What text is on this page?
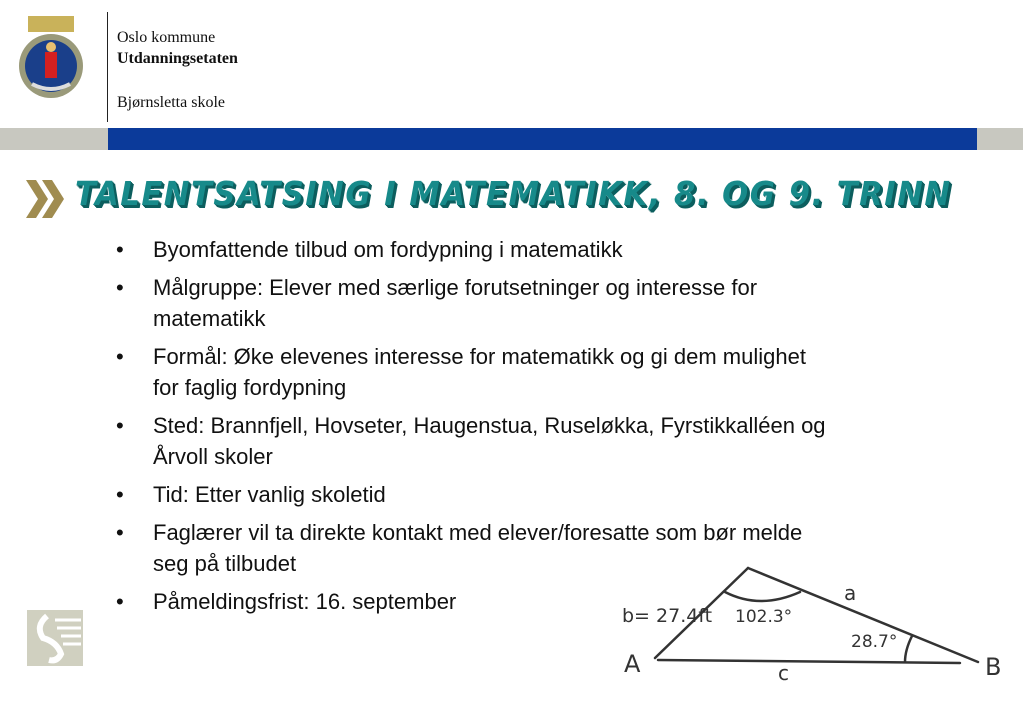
Oslo kommune
Utdanningsetaten
Bjørnsletta skole
TALENTSATSING I MATEMATIKK, 8. OG 9. TRINN
• Byomfattende tilbud om fordypning i matematikk
• Målgruppe: Elever med særlige forutsetninger og interesse for
matematikk
• Formål: Øke elevenes interesse for matematikk og gi dem mulighet
for faglig fordypning
• Sted: Brannfjell, Hovseter, Haugenstua, Ruseløkka, Fyrstikkalléen og
Årvoll skoler
• Tid: Etter vanlig skoletid
• Faglærer vil ta direkte kontakt med elever/foresatte som bør melde
seg på tilbudet
• Påmeldingsfrist: 16. september
b= 27.4ft 102.3°
a
28.7°
A	c	B
